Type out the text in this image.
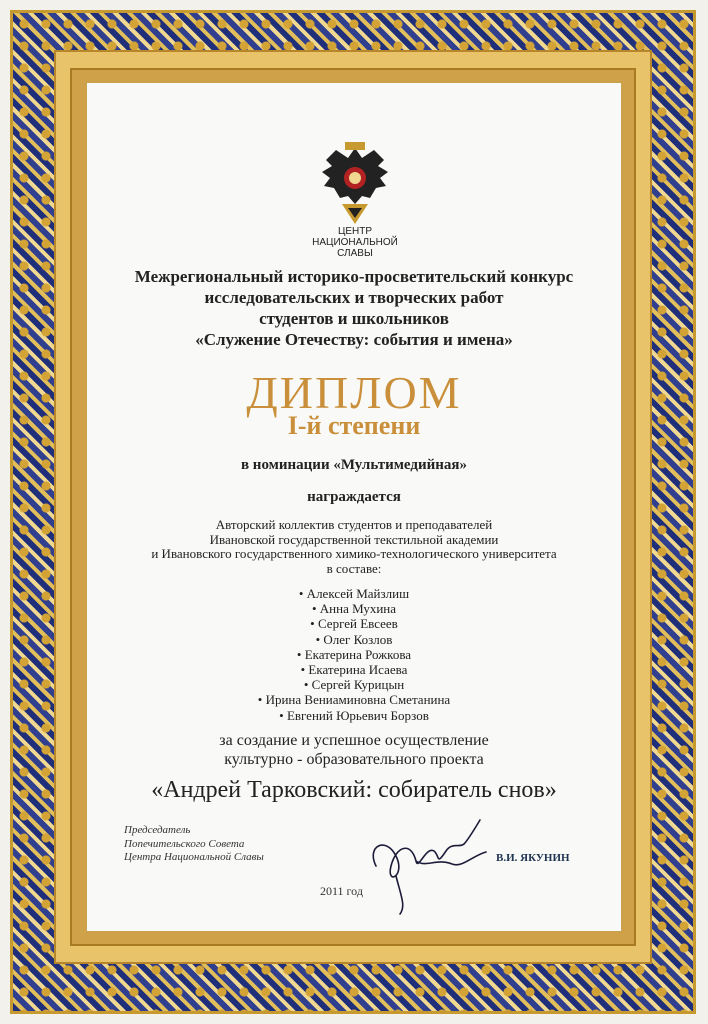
ЦЕНТР
НАЦИОНАЛЬНОЙ
СЛАВЫ
Межрегиональный историко-просветительский конкурс
исследовательских и творческих работ
студентов и школьников
«Служение Отечеству: события и имена»
ДИПЛОМ
I-й степени
в номинации «Мультимедийная»
награждается
Авторский коллектив студентов и преподавателей
Ивановской государственной текстильной академии
и Ивановского государственного химико-технологического университета
в составе:
• Алексей Майзлиш
• Анна Мухина
• Сергей Евсеев
• Олег Козлов
• Екатерина Рожкова
• Екатерина Исаева
• Сергей Курицын
• Ирина Вениаминовна Сметанина
• Евгений Юрьевич Борзов
за создание и успешное осуществление
культурно - образовательного проекта
«Андрей Тарковский: собиратель снов»
Председатель
Попечительского Совета
Центра Национальной Славы	В.И. ЯКУНИН
2011 год
